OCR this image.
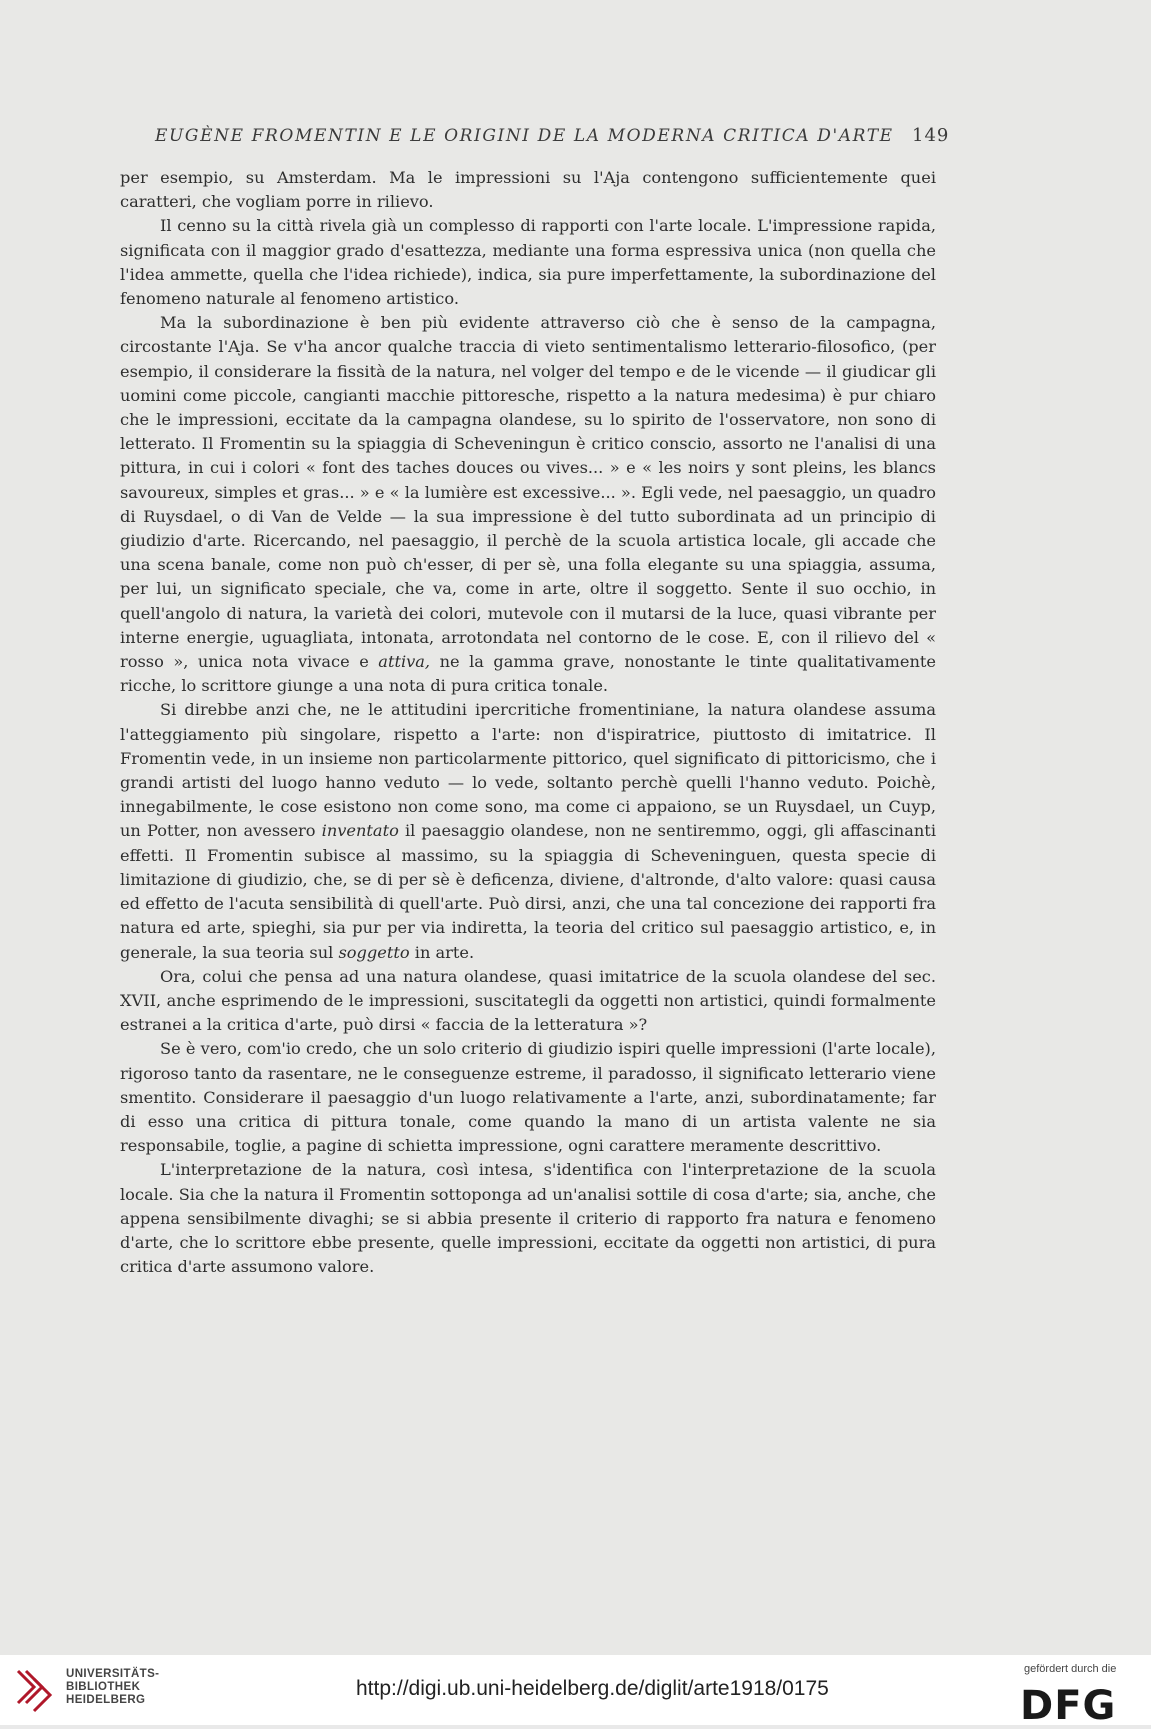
EUGÈNE FROMENTIN E LE ORIGINI DE LA MODERNA CRITICA D'ARTE	149

per esempio, su Amsterdam. Ma le impressioni su l'Aja contengono sufficientemente quei caratteri, che vogliam porre in rilievo.

Il cenno su la città rivela già un complesso di rapporti con l'arte locale. L'impressione rapida, significata con il maggior grado d'esattezza, mediante una forma espressiva unica (non quella che l'idea ammette, quella che l'idea richiede), indica, sia pure imperfettamente, la subordinazione del fenomeno naturale al fenomeno artistico.

Ma la subordinazione è ben più evidente attraverso ciò che è senso de la campagna, circostante l'Aja. Se v'ha ancor qualche traccia di vieto sentimentalismo letterario-filosofico, (per esempio, il considerare la fissità de la natura, nel volger del tempo e de le vicende — il giudicar gli uomini come piccole, cangianti macchie pittoresche, rispetto a la natura medesima) è pur chiaro che le impressioni, eccitate da la campagna olandese, su lo spirito de l'osservatore, non sono di letterato. Il Fromentin su la spiaggia di Scheveningun è critico conscio, assorto ne l'analisi di una pittura, in cui i colori « font des taches douces ou vives... » e « les noirs y sont pleins, les blancs savoureux, simples et gras... » e « la lumière est excessive... ». Egli vede, nel paesaggio, un quadro di Ruysdael, o di Van de Velde — la sua impressione è del tutto subordinata ad un principio di giudizio d'arte. Ricercando, nel paesaggio, il perchè de la scuola artistica locale, gli accade che una scena banale, come non può ch'esser, di per sè, una folla elegante su una spiaggia, assuma, per lui, un significato speciale, che va, come in arte, oltre il soggetto. Sente il suo occhio, in quell'angolo di natura, la varietà dei colori, mutevole con il mutarsi de la luce, quasi vibrante per interne energie, uguagliata, intonata, arrotondata nel contorno de le cose. E, con il rilievo del « rosso », unica nota vivace e attiva, ne la gamma grave, nonostante le tinte qualitativamente ricche, lo scrittore giunge a una nota di pura critica tonale.

Si direbbe anzi che, ne le attitudini ipercritiche fromentiniane, la natura olandese assuma l'atteggiamento più singolare, rispetto a l'arte: non d'ispiratrice, piuttosto di imitatrice. Il Fromentin vede, in un insieme non particolarmente pittorico, quel significato di pittoricismo, che i grandi artisti del luogo hanno veduto — lo vede, soltanto perchè quelli l'hanno veduto. Poichè, innegabilmente, le cose esistono non come sono, ma come ci appaiono, se un Ruysdael, un Cuyp, un Potter, non avessero inventato il paesaggio olandese, non ne sentiremmo, oggi, gli affascinanti effetti. Il Fromentin subisce al massimo, su la spiaggia di Scheveninguen, questa specie di limitazione di giudizio, che, se di per sè è deficenza, diviene, d'altronde, d'alto valore: quasi causa ed effetto de l'acuta sensibilità di quell'arte. Può dirsi, anzi, che una tal concezione dei rapporti fra natura ed arte, spieghi, sia pur per via indiretta, la teoria del critico sul paesaggio artistico, e, in generale, la sua teoria sul soggetto in arte.

Ora, colui che pensa ad una natura olandese, quasi imitatrice de la scuola olandese del sec. XVII, anche esprimendo de le impressioni, suscitategli da oggetti non artistici, quindi formalmente estranei a la critica d'arte, può dirsi « faccia de la letteratura »?

Se è vero, com'io credo, che un solo criterio di giudizio ispiri quelle impressioni (l'arte locale), rigoroso tanto da rasentare, ne le conseguenze estreme, il paradosso, il significato letterario viene smentito. Considerare il paesaggio d'un luogo relativamente a l'arte, anzi, subordinatamente; far di esso una critica di pittura tonale, come quando la mano di un artista valente ne sia responsabile, toglie, a pagine di schietta impressione, ogni carattere meramente descrittivo.

L'interpretazione de la natura, così intesa, s'identifica con l'interpretazione de la scuola locale. Sia che la natura il Fromentin sottoponga ad un'analisi sottile di cosa d'arte; sia, anche, che appena sensibilmente divaghi; se si abbia presente il criterio di rapporto fra natura e fenomeno d'arte, che lo scrittore ebbe presente, quelle impressioni, eccitate da oggetti non artistici, di pura critica d'arte assumono valore.

UNIVERSITÄTS-
BIBLIOTHEK
HEIDELBERG	http://digi.ub.uni-heidelberg.de/diglit/arte1918/0175
gefördert durch die
DFG
